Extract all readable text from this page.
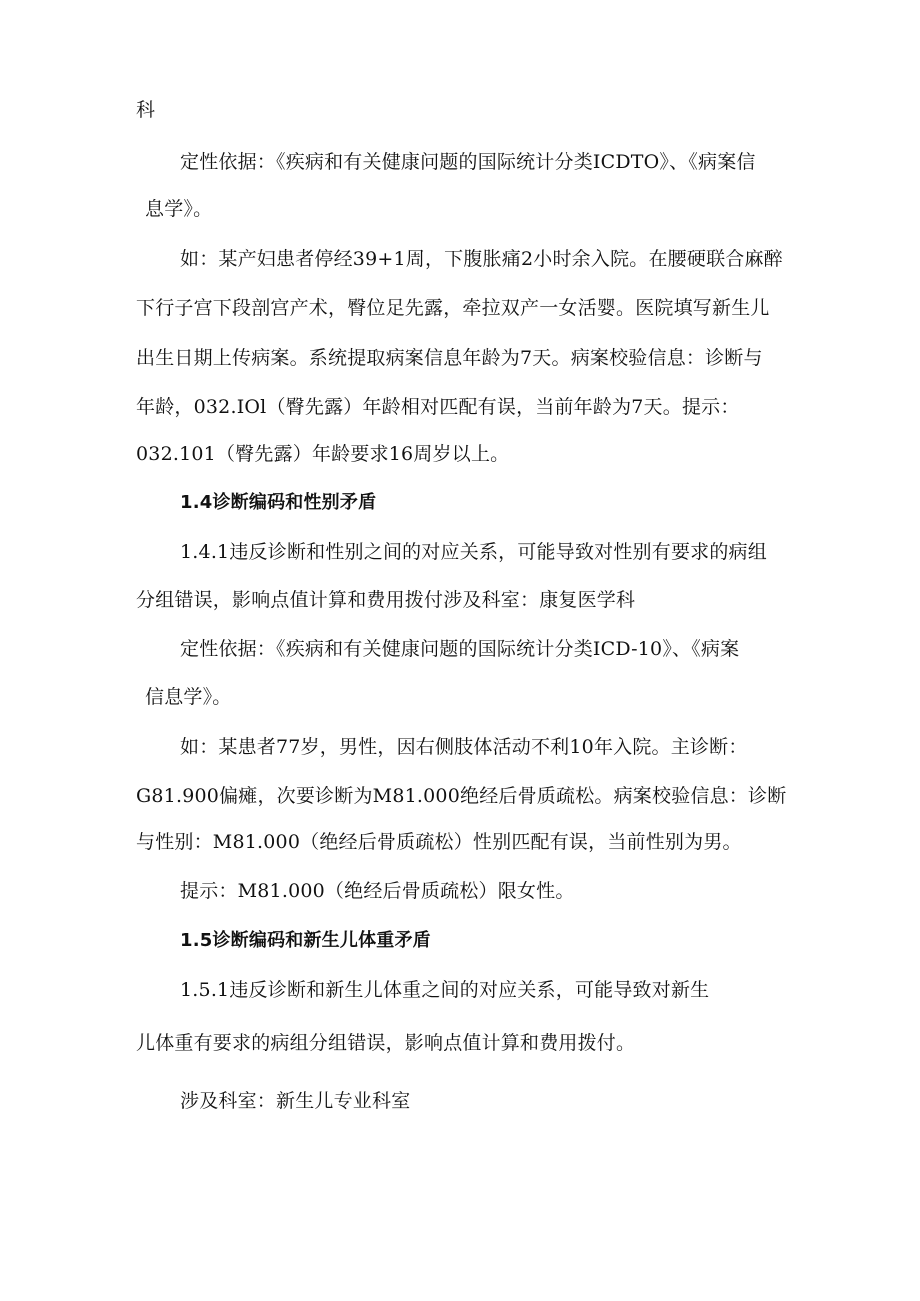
科

定性依据：《疾病和有关健康问题的国际统计分类ICDTO》、《病案信

息学》。

如：某产妇患者停经39+1周，下腹胀痛2小时余入院。在腰硬联合麻醉

下行子宫下段剖宫产术，臀位足先露，牵拉双产一女活婴。医院填写新生儿

出生日期上传病案。系统提取病案信息年龄为7天。病案校验信息：诊断与

年龄，032.IOl（臀先露）年龄相对匹配有误，当前年龄为7天。提示：

032.101（臀先露）年龄要求16周岁以上。

1.4诊断编码和性别矛盾

1.4.1违反诊断和性别之间的对应关系，可能导致对性别有要求的病组

分组错误，影响点值计算和费用拨付涉及科室：康复医学科

定性依据：《疾病和有关健康问题的国际统计分类ICD-10》、《病案

信息学》。

如：某患者77岁，男性，因右侧肢体活动不利10年入院。主诊断：

G81.900偏瘫，次要诊断为M81.000绝经后骨质疏松。病案校验信息：诊断

与性别：M81.000（绝经后骨质疏松）性别匹配有误，当前性别为男。

提示：M81.000（绝经后骨质疏松）限女性。

1.5诊断编码和新生儿体重矛盾

1.5.1违反诊断和新生儿体重之间的对应关系，可能导致对新生

儿体重有要求的病组分组错误，影响点值计算和费用拨付。

涉及科室：新生儿专业科室
